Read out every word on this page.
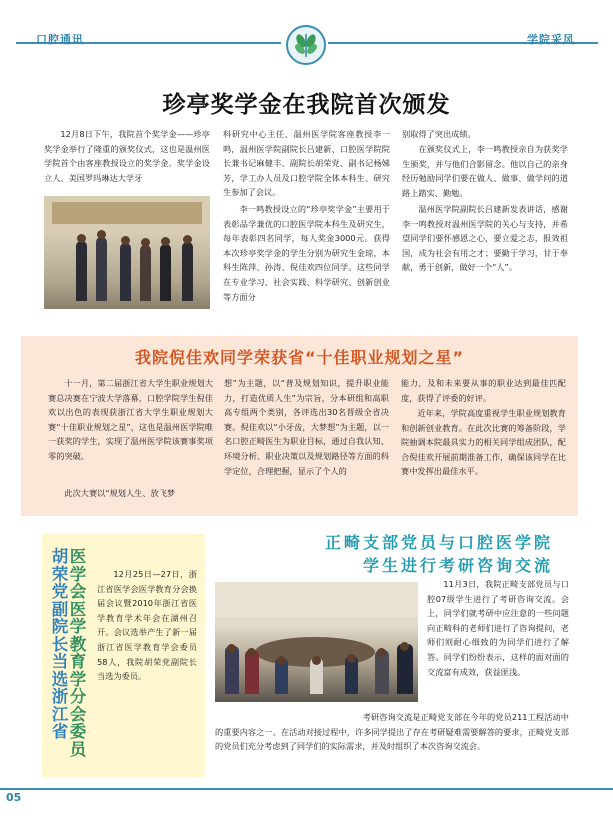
口腔通讯	学院采风
珍亭奖学金在我院首次颁发
12月8日下午，我院首个奖学金——珍亭奖学金举行了隆重的颁奖仪式，这也是温州医学院首个由客座教授设立的奖学金。奖学金设立人、美国罗玛琳达大学牙
科研究中心主任、温州医学院客座教授李一鸣，温州医学院副院长吕建新、口腔医学院院长兼书记麻健丰、副院长胡荣党、副书记杨娣芳，学工办人员及口腔学院全体本科生、研究生参加了会议。
李一鸣教授设立的“珍亭奖学金”主要用于表彰品学兼优的口腔医学院本科生及研究生，每年表彰四名同学，每人奖金3000元。获得本次珍亭奖学金的学生分别为研究生金琼，本科生陈萍、孙涛、倪佳欢四位同学。这些同学在专业学习、社会实践、科学研究、创新创业等方面分
别取得了突出成绩。
在颁奖仪式上，李一鸣教授亲自为获奖学生颁奖，并与他们合影留念。他以自己的亲身经历勉励同学们要在做人、做事、做学问的道路上踏实、勤勉。
温州医学院副院长吕建新发表讲话，感谢李一鸣教授对温州医学院的关心与支持，并希望同学们要怀感恩之心，要立爱之志，报效祖国，成为社会有用之才；要勤于学习，甘于奉献，勇于创新，做好一个“人”。
我院倪佳欢同学荣获省“十佳职业规划之星”
十一月，第二届浙江省大学生职业规划大赛总决赛在宁波大学落幕，口腔学院学生倪佳欢以出色的表现获浙江省大学生职业规划大赛“十佳职业规划之星”，这也是温州医学院唯一获奖的学生，实现了温州医学院该赛事奖项零的突破。
此次大赛以“规划人生、放飞梦
想”为主题，以“普及规划知识，提升职业能力，打造优质人生”为宗旨，分本研组和高职高专组两个类别，各评选出30名晋级全省决赛。倪佳欢以“小牙齿，大梦想”为主题，以一名口腔正畸医生为职业目标，通过自我认知、环境分析、职业决策以及规划路径等方面的科学定位，合理把握，显示了个人的
能力，及和未来要从事的职业达到最佳匹配度，获得了评委的好评。
近年来，学院高度重视学生职业规划教育和创新创业教育。在此次比赛的筹备阶段，学院抽调本院最具实力的相关同学组成团队，配合倪佳欢开展前期准备工作，确保该同学在比赛中发挥出最佳水平。
胡荣党副院长当选浙江省
医学会医学教育学分会委员
12月25日—27日，浙江省医学会医学教育分会换届会议暨2010年浙江省医学教育学术年会在湖州召开。会议选举产生了新一届浙江省医学教育学会委员58人，我院胡荣党副院长当选为委员。
正畸支部党员与口腔医学院
学生进行考研咨询交流
11月3日，我院正畸支部党员与口腔07级学生进行了考研咨询交流。会上，同学们就考研中应注意的一些问题向正畸科的老师们进行了咨询提问，老师们则耐心细致的为同学们进行了解答。同学们纷纷表示，这样的面对面的交流富有成效，获益匪浅。
考研咨询交流是正畸党支部在今年的党员211工程活动中的重要内容之一。在活动对接过程中，许多同学提出了存在考研疑难需要解答的要求，正畸党支部的党员们充分考虑到了同学们的实际需求，并及时组织了本次咨询交流会。
05
